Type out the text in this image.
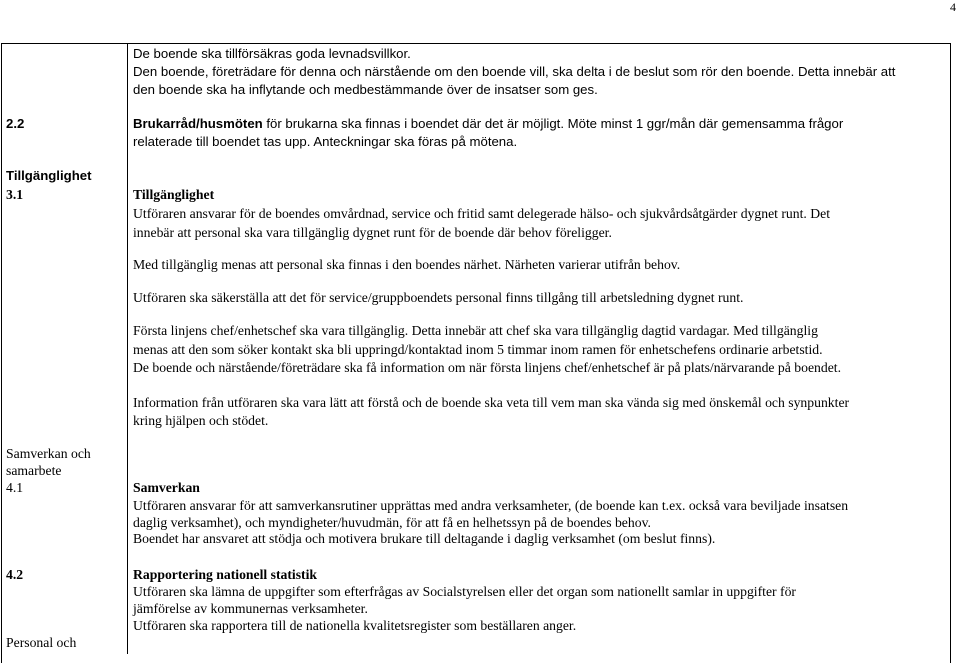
4
De boende ska tillförsäkras goda levnadsvillkor.
Den boende, företrädare för denna och närstående om den boende vill, ska delta i de beslut som rör den boende. Detta innebär att
den boende ska ha inflytande och medbestämmande över de insatser som ges.
2.2	Brukarråd/husmöten för brukarna ska finnas i boendet där det är möjligt. Möte minst 1 ggr/mån där gemensamma frågor
relaterade till boendet tas upp. Anteckningar ska föras på mötena.
Tillgänglighet
3.1	Tillgänglighet
Utföraren ansvarar för de boendes omvårdnad, service och fritid samt delegerade hälso- och sjukvårdsåtgärder dygnet runt. Det
innebär att personal ska vara tillgänglig dygnet runt för de boende där behov föreligger.
Med tillgänglig menas att personal ska finnas i den boendes närhet. Närheten varierar utifrån behov.
Utföraren ska säkerställa att det för service/gruppboendets personal finns tillgång till arbetsledning dygnet runt.
Första linjens chef/enhetschef ska vara tillgänglig. Detta innebär att chef ska vara tillgänglig dagtid vardagar. Med tillgänglig
menas att den som söker kontakt ska bli uppringd/kontaktad inom 5 timmar inom ramen för enhetschefens ordinarie arbetstid.
De boende och närstående/företrädare ska få information om när första linjens chef/enhetschef är på plats/närvarande på boendet.
Information från utföraren ska vara lätt att förstå och de boende ska veta till vem man ska vända sig med önskemål och synpunkter
kring hjälpen och stödet.
Samverkan och
samarbete
4.1	Samverkan
Utföraren ansvarar för att samverkansrutiner upprättas med andra verksamheter, (de boende kan t.ex. också vara beviljade insatsen
daglig verksamhet), och myndigheter/huvudmän, för att få en helhetssyn på de boendes behov.
Boendet har ansvaret att stödja och motivera brukare till deltagande i daglig verksamhet (om beslut finns).
4.2	Rapportering nationell statistik
Utföraren ska lämna de uppgifter som efterfrågas av Socialstyrelsen eller det organ som nationellt samlar in uppgifter för
jämförelse av kommunernas verksamheter.
Utföraren ska rapportera till de nationella kvalitetsregister som beställaren anger.
Personal och
